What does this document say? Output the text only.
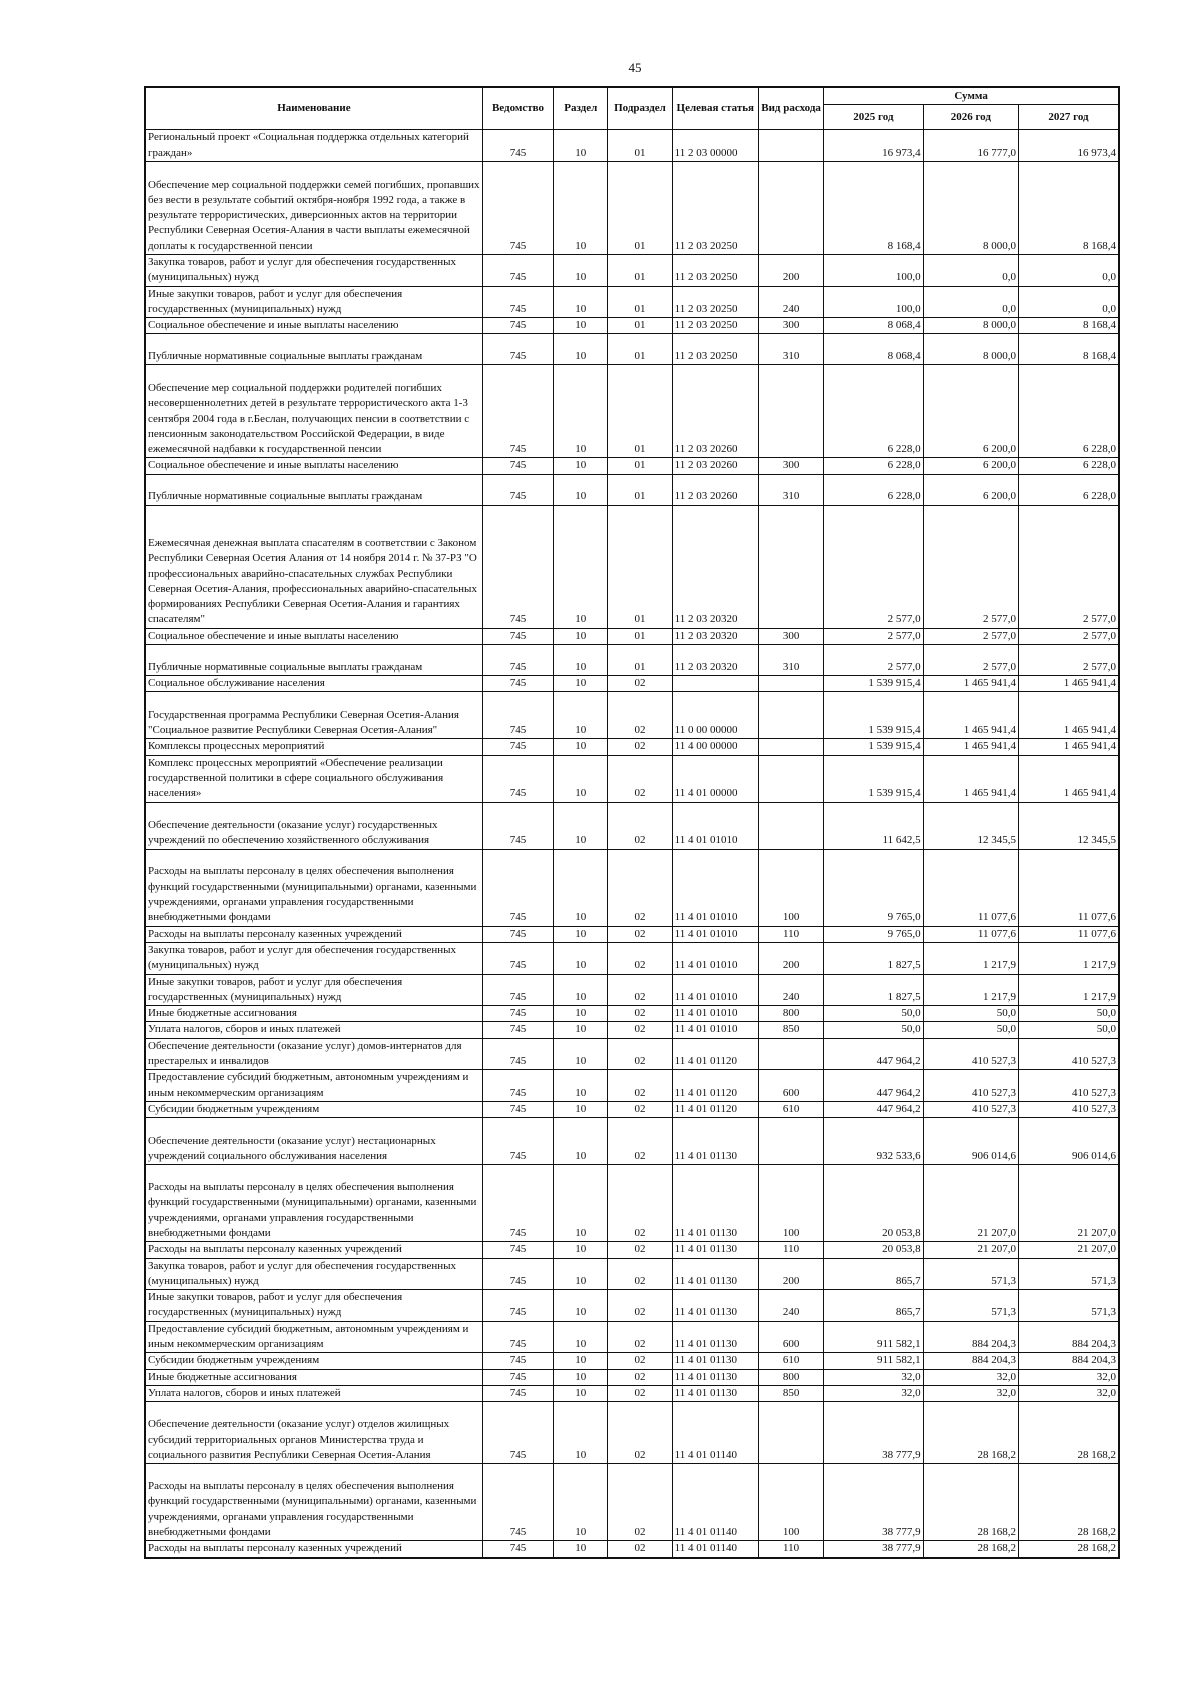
45
Наименование	Ведомство	Раздел	Подраздел	Целевая статья	Вид расхода	Сумма		
						2025 год	2026 год	2027 год
Региональный проект «Социальная поддержка отдельных категорий граждан»	745	10	01	11 2 03 00000		16 973,4	16 777,0	16 973,4
Обеспечение мер социальной поддержки семей погибших, пропавших без вести в результате событий октября-ноября 1992 года, а также в результате террористических, диверсионных актов на территории Республики Северная Осетия-Алания в части выплаты ежемесячной доплаты к государственной пенсии	745	10	01	11 2 03 20250		8 168,4	8 000,0	8 168,4
Закупка товаров, работ и услуг для обеспечения государственных (муниципальных) нужд	745	10	01	11 2 03 20250	200	100,0	0,0	0,0
Иные закупки товаров, работ и услуг для обеспечения государственных (муниципальных) нужд	745	10	01	11 2 03 20250	240	100,0	0,0	0,0
Социальное обеспечение и иные выплаты населению	745	10	01	11 2 03 20250	300	8 068,4	8 000,0	8 168,4
Публичные нормативные социальные выплаты гражданам	745	10	01	11 2 03 20250	310	8 068,4	8 000,0	8 168,4
Обеспечение мер социальной поддержки родителей погибших несовершеннолетних детей в результате террористического акта 1-3 сентября 2004 года в г.Беслан, получающих пенсии в соответствии с пенсионным законодательством Российской Федерации, в виде ежемесячной надбавки к государственной пенсии	745	10	01	11 2 03 20260		6 228,0	6 200,0	6 228,0
Социальное обеспечение и иные выплаты населению	745	10	01	11 2 03 20260	300	6 228,0	6 200,0	6 228,0
Публичные нормативные социальные выплаты гражданам	745	10	01	11 2 03 20260	310	6 228,0	6 200,0	6 228,0
Ежемесячная денежная выплата спасателям в соответствии с Законом Республики Северная Осетия Алания от 14 ноября 2014 г. № 37-РЗ "О профессиональных аварийно-спасательных службах Республики Северная Осетия-Алания, профессиональных аварийно-спасательных формированиях Республики Северная Осетия-Алания и гарантиях спасателям"	745	10	01	11 2 03 20320		2 577,0	2 577,0	2 577,0
Социальное обеспечение и иные выплаты населению	745	10	01	11 2 03 20320	300	2 577,0	2 577,0	2 577,0
Публичные нормативные социальные выплаты гражданам	745	10	01	11 2 03 20320	310	2 577,0	2 577,0	2 577,0
Социальное обслуживание населения	745	10	02			1 539 915,4	1 465 941,4	1 465 941,4
Государственная программа Республики Северная Осетия-Алания "Социальное развитие Республики Северная Осетия-Алания"	745	10	02	11 0 00 00000		1 539 915,4	1 465 941,4	1 465 941,4
Комплексы процессных мероприятий	745	10	02	11 4 00 00000		1 539 915,4	1 465 941,4	1 465 941,4
Комплекс процессных мероприятий «Обеспечение реализации государственной политики в сфере социального обслуживания населения»	745	10	02	11 4 01 00000		1 539 915,4	1 465 941,4	1 465 941,4
Обеспечение деятельности (оказание услуг) государственных учреждений по обеспечению хозяйственного обслуживания	745	10	02	11 4 01 01010		11 642,5	12 345,5	12 345,5
Расходы на выплаты персоналу в целях обеспечения выполнения функций государственными (муниципальными) органами, казенными учреждениями, органами управления государственными внебюджетными фондами	745	10	02	11 4 01 01010	100	9 765,0	11 077,6	11 077,6
Расходы на выплаты персоналу казенных учреждений	745	10	02	11 4 01 01010	110	9 765,0	11 077,6	11 077,6
Закупка товаров, работ и услуг для обеспечения государственных (муниципальных) нужд	745	10	02	11 4 01 01010	200	1 827,5	1 217,9	1 217,9
Иные закупки товаров, работ и услуг для обеспечения государственных (муниципальных) нужд	745	10	02	11 4 01 01010	240	1 827,5	1 217,9	1 217,9
Иные бюджетные ассигнования	745	10	02	11 4 01 01010	800	50,0	50,0	50,0
Уплата налогов, сборов и иных платежей	745	10	02	11 4 01 01010	850	50,0	50,0	50,0
Обеспечение деятельности (оказание услуг) домов-интернатов для престарелых и инвалидов	745	10	02	11 4 01 01120		447 964,2	410 527,3	410 527,3
Предоставление субсидий бюджетным, автономным учреждениям и иным некоммерческим организациям	745	10	02	11 4 01 01120	600	447 964,2	410 527,3	410 527,3
Субсидии бюджетным учреждениям	745	10	02	11 4 01 01120	610	447 964,2	410 527,3	410 527,3
Обеспечение деятельности (оказание услуг) нестационарных учреждений социального обслуживания населения	745	10	02	11 4 01 01130		932 533,6	906 014,6	906 014,6
Расходы на выплаты персоналу в целях обеспечения выполнения функций государственными (муниципальными) органами, казенными учреждениями, органами управления государственными внебюджетными фондами	745	10	02	11 4 01 01130	100	20 053,8	21 207,0	21 207,0
Расходы на выплаты персоналу казенных учреждений	745	10	02	11 4 01 01130	110	20 053,8	21 207,0	21 207,0
Закупка товаров, работ и услуг для обеспечения государственных (муниципальных) нужд	745	10	02	11 4 01 01130	200	865,7	571,3	571,3
Иные закупки товаров, работ и услуг для обеспечения государственных (муниципальных) нужд	745	10	02	11 4 01 01130	240	865,7	571,3	571,3
Предоставление субсидий бюджетным, автономным учреждениям и иным некоммерческим организациям	745	10	02	11 4 01 01130	600	911 582,1	884 204,3	884 204,3
Субсидии бюджетным учреждениям	745	10	02	11 4 01 01130	610	911 582,1	884 204,3	884 204,3
Иные бюджетные ассигнования	745	10	02	11 4 01 01130	800	32,0	32,0	32,0
Уплата налогов, сборов и иных платежей	745	10	02	11 4 01 01130	850	32,0	32,0	32,0
Обеспечение деятельности (оказание услуг) отделов жилищных субсидий территориальных органов Министерства труда и социального развития Республики Северная Осетия-Алания	745	10	02	11 4 01 01140		38 777,9	28 168,2	28 168,2
Расходы на выплаты персоналу в целях обеспечения выполнения функций государственными (муниципальными) органами, казенными учреждениями, органами управления государственными внебюджетными фондами	745	10	02	11 4 01 01140	100	38 777,9	28 168,2	28 168,2
Расходы на выплаты персоналу казенных учреждений	745	10	02	11 4 01 01140	110	38 777,9	28 168,2	28 168,2
